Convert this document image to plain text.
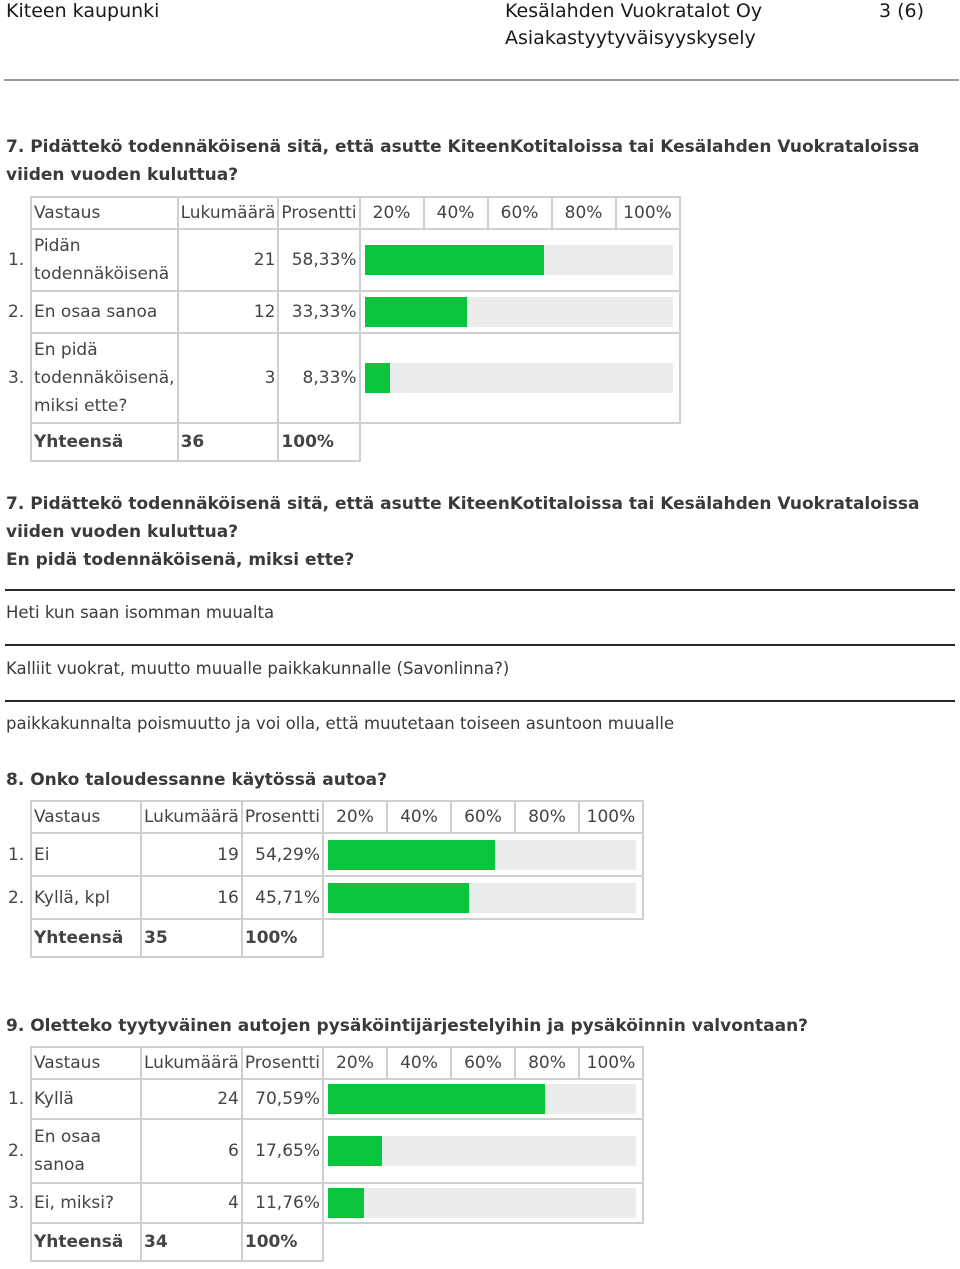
Kiteen kaupunki	Kesälahden Vuokratalot Oy
Asiakastyytyväisyyskysely
3 (6)
7. Pidättekö todennäköisenä sitä, että asutte KiteenKotitaloissa tai Kesälahden Vuokrataloissa viiden vuoden kuluttua?
	Vastaus	Lukumäärä	Prosentti	20%	40%	60%	80%	100%
1.	Pidän todennäköisenä	21	58,33%					

2.	En osaa sanoa	12	33,33%					

3.	En pidä todennäköisenä, miksi ette?	3	8,33%					

	Yhteensä	36	100%					
7. Pidättekö todennäköisenä sitä, että asutte KiteenKotitaloissa tai Kesälahden Vuokrataloissa viiden vuoden kuluttua?
En pidä todennäköisenä, miksi ette?
Heti kun saan isomman muualta
Kalliit vuokrat, muutto muualle paikkakunnalle (Savonlinna?)
paikkakunnalta poismuutto ja voi olla, että muutetaan toiseen asuntoon muualle
8. Onko taloudessanne käytössä autoa?
	Vastaus	Lukumäärä	Prosentti	20%	40%	60%	80%	100%
1.	Ei	19	54,29%					

2.	Kyllä, kpl	16	45,71%					

	Yhteensä	35	100%					
9. Oletteko tyytyväinen autojen pysäköintijärjestelyihin ja pysäköinnin valvontaan?
	Vastaus	Lukumäärä	Prosentti	20%	40%	60%	80%	100%
1.	Kyllä	24	70,59%					

2.	En osaa sanoa	6	17,65%					

3.	Ei, miksi?	4	11,76%					

	Yhteensä	34	100%					
